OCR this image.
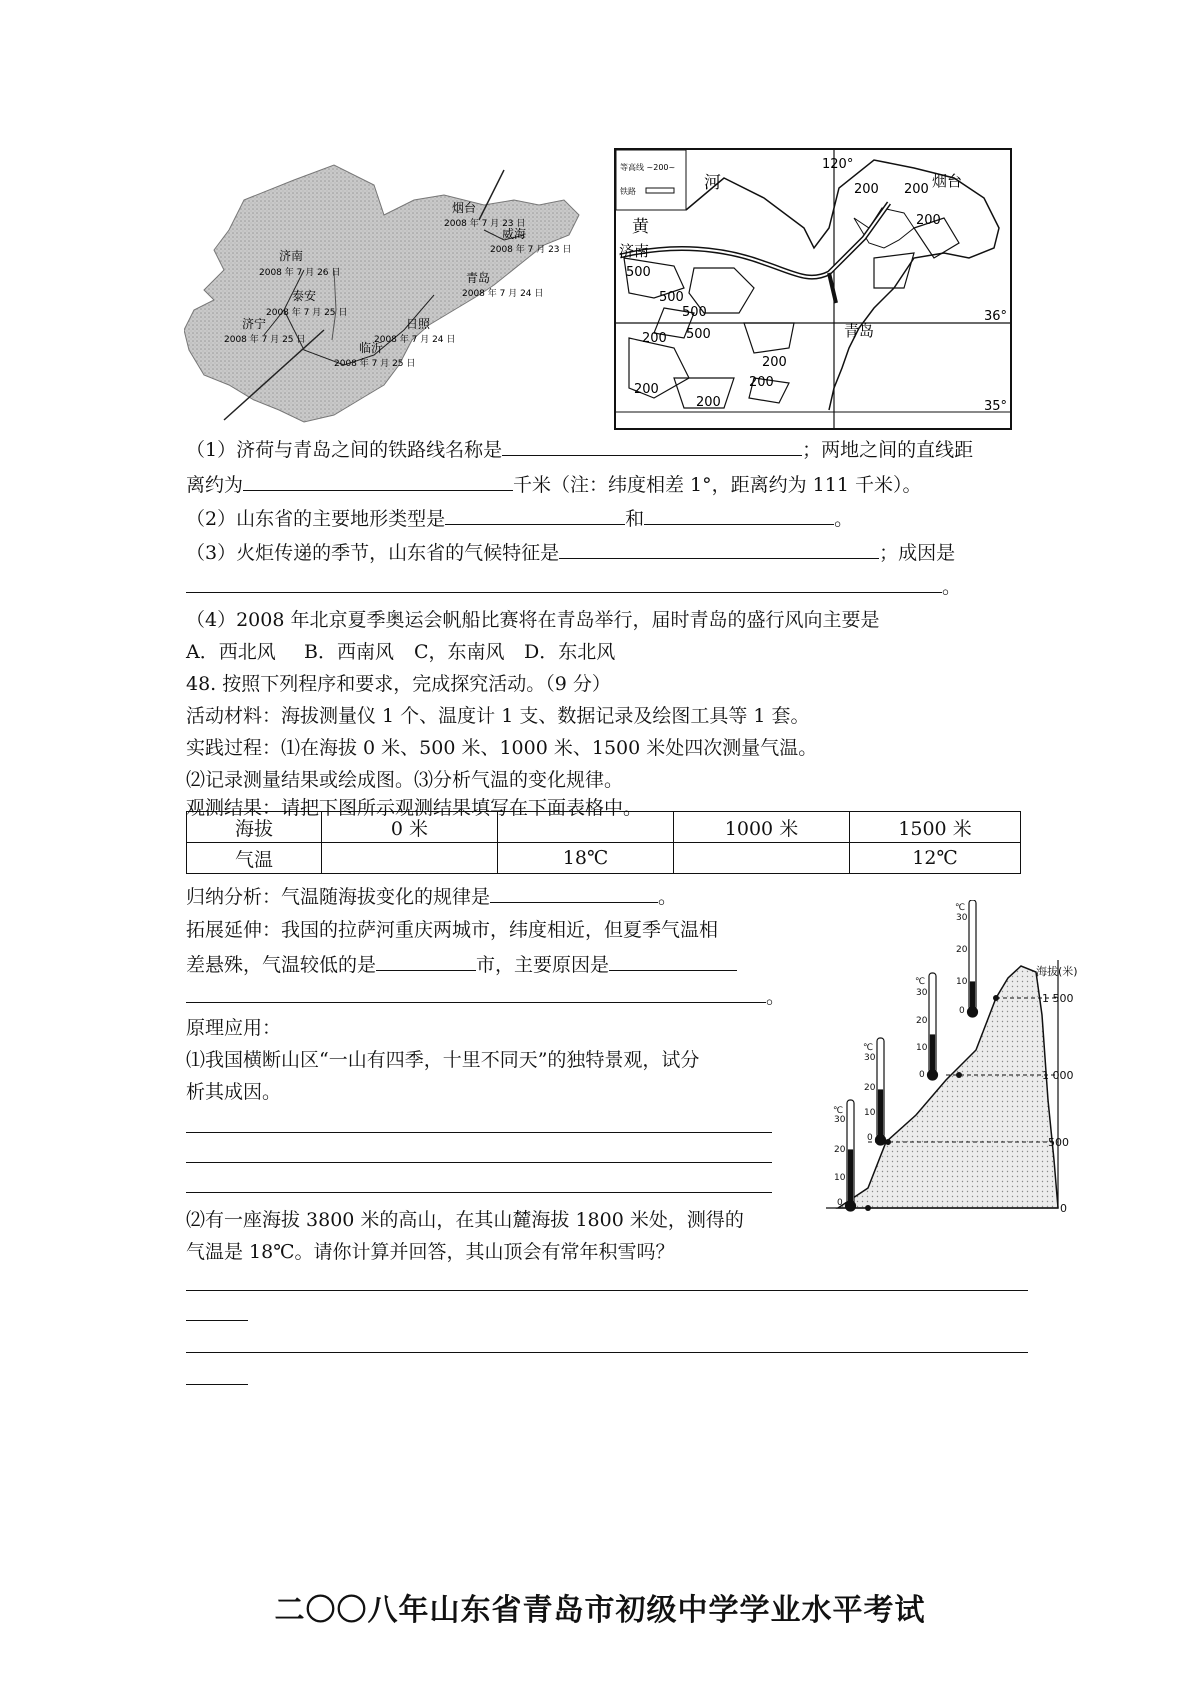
烟台
2008 年 7 月 23 日
威海
2008 年 7 月 23 日
济南
2008 年 7 月 26 日	青岛
2008 年 7 月 24 日
泰安
2008 年 7 月 25 日
日照
2008 年 7 月 24 日
济宁
2008 年 7 月 25 日
临沂
2008 年 7 月 25 日
等高线 ~200~
铁路
120°
36°
35°
黄
河
济南
青岛
烟台
200 200
200
500
500
500
500
200
200
200	200
200
（1）济荷与青岛之间的铁路线名称是	；两地之间的直线距
离约为	千米（注：纬度相差 1°，距离约为 111 千米）。
（2）山东省的主要地形类型是	和	。
（3）火炬传递的季节，山东省的气候特征是	；成因是
。
（4）2008 年北京夏季奥运会帆船比赛将在青岛举行，届时青岛的盛行风向主要是
A．西北风 B．西南风 C，东南风 D．东北风
48. 按照下列程序和要求，完成探究活动。（9 分）
活动材料：海拔测量仪 1 个、温度计 1 支、数据记录及绘图工具等 1 套。
实践过程：⑴在海拔 0 米、500 米、1000 米、1500 米处四次测量气温。
⑵记录测量结果或绘成图。⑶分析气温的变化规律。
观测结果：请把下图所示观测结果填写在下面表格中。
海拔	0 米		1000 米	1500 米
气温		18℃		12℃
归纳分析：气温随海拔变化的规律是	。
拓展延伸：我国的拉萨河重庆两城市，纬度相近，但夏季气温相
差悬殊，气温较低的是	市，主要原因是
。
原理应用：
⑴我国横断山区“一山有四季，十里不同天”的独特景观，试分
析其成因。
⑵有一座海拔 3800 米的高山，在其山麓海拔 1800 米处，测得的
气温是 18℃。请你计算并回答，其山顶会有常年积雪吗？
℃
30
20
10
0
℃
30
20
10
0
℃
30
20
10
0
℃
30
20
10
0
海拔(米)
1 500
1 000
500
0
二〇〇八年山东省青岛市初级中学学业水平考试
